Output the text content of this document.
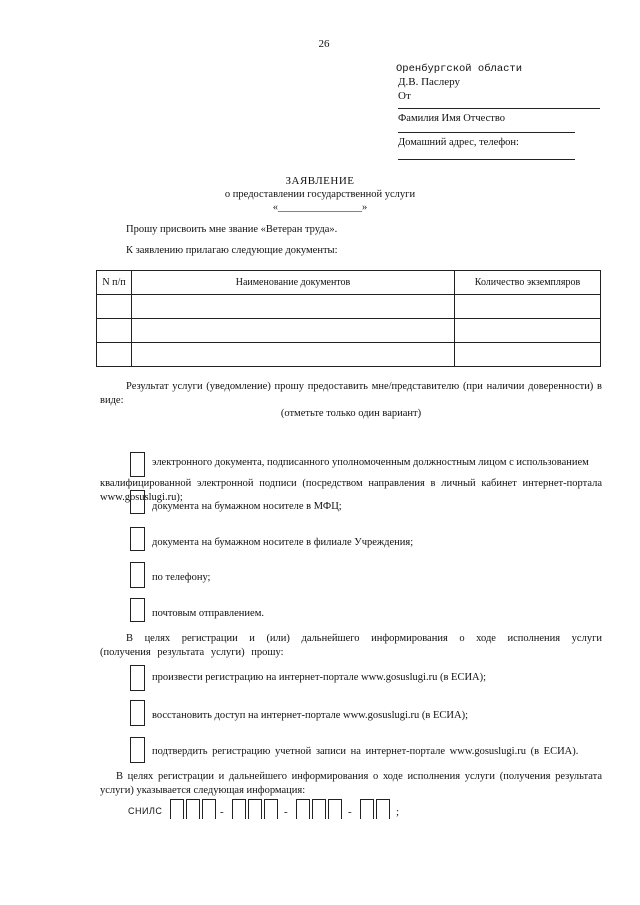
26
Оренбургской области
Д.В. Паслеру
От
Фамилия Имя Отчество
Домашний адрес, телефон:
ЗАЯВЛЕНИЕ
о предоставлении государственной услуги
«________________»
Прошу присвоить мне звание «Ветеран труда».
К заявлению прилагаю следующие документы:
N п/п	Наименование документов	Количество экземпляров

Результат услуги (уведомление) прошу предоставить мне/представителю (при наличии доверенности) в виде:
(отметьте только один вариант)
электронного документа, подписанного уполномоченным должностным лицом с использованием
квалифицированной электронной подписи (посредством направления в личный кабинет интернет-портала www.gosuslugi.ru);
документа на бумажном носителе в МФЦ;
документа на бумажном носителе в филиале Учреждения;
по телефону;
почтовым отправлением.
В целях регистрации и (или) дальнейшего информирования о ходе исполнения услуги (получения результата услуги) прошу:
произвести регистрацию на интернет-портале www.gosuslugi.ru (в ЕСИА);
восстановить доступ на интернет-портале www.gosuslugi.ru (в ЕСИА);
подтвердить регистрацию учетной записи на интернет-портале www.gosuslugi.ru (в ЕСИА).
В целях регистрации и дальнейшего информирования о ходе исполнения услуги (получения результата услуги) указывается следующая информация:
СНИЛС	-	-	-	;
